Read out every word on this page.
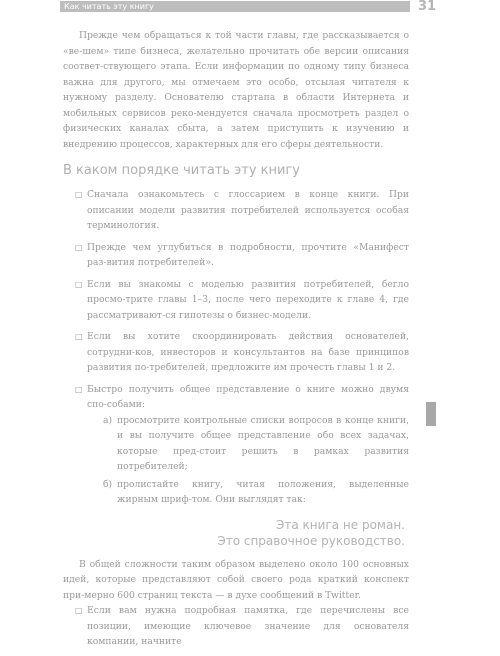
Как читать эту книгу	31

Прежде чем обращаться к той части главы, где рассказывается о «ве-шем» типе бизнеса, желательно прочитать обе версии описания соответ-ствующего этапа. Если информации по одному типу бизнеса важна для другого, мы отмечаем это особо, отсылая читателя к нужному разделу. Основателю стартапа в области Интернета и мобильных сервисов реко-мендуется сначала просмотреть раздел о физических каналах сбыта, а затем приступить к изучению и внедрению процессов, характерных для его сферы деятельности.

В каком порядке читать эту книгу
□ Сначала ознакомьтесь с глоссарием в конце книги. При описании модели развития потребителей используется особая терминология.
□ Прежде чем углубиться в подробности, прочтите «Манифест раз-вития потребителей».
□ Если вы знакомы с моделью развития потребителей, бегло просмо-трите главы 1–3, после чего переходите к главе 4, где рассматривают-ся гипотезы о бизнес-модели.
□ Если вы хотите скоординировать действия основателей, сотрудни-ков, инвесторов и консультантов на базе принципов развития по-требителей, предложите им прочесть главы 1 и 2.
□ Быстро получить общее представление о книге можно двумя спо-собами:
а) просмотрите контрольные списки вопросов в конце книги, и вы получите общее представление обо всех задачах, которые пред-стоит решить в рамках развития потребителей;
б) пролистайте книгу, читая положения, выделенные жирным шриф-том. Они выглядят так:
Эта книга не роман.
Это справочное руководство.

В общей сложности таким образом выделено около 100 основных идей, которые представляют собой своего рода краткий конспект при-мерно 600 страниц текста — в духе сообщений в Twitter.

□ Если вам нужна подробная памятка, где перечислены все позиции, имеющие ключевое значение для основателя компании, начните
